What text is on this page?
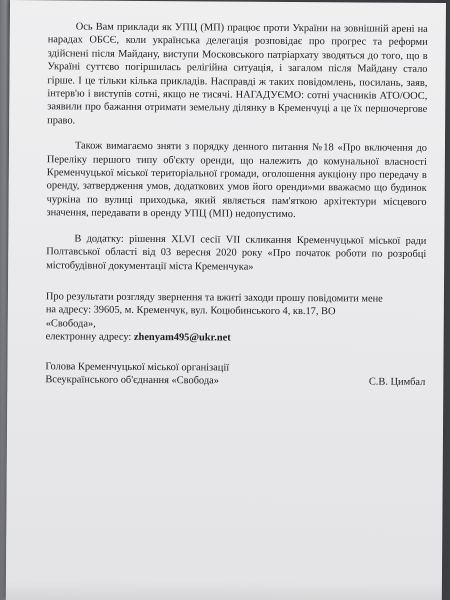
Ось Вам приклади як УПЦ (МП) працює проти України на зовнішній арені на нарадах ОБСЄ, коли українська делегація розповідає про прогрес та реформи здійснені після Майдану, виступи Московського патріархату зводяться до того, що в Україні суттєво погіршилась релігійна ситуація, і загалом після Майдану стало гірше. І це тільки кілька прикладів. Насправді ж таких повідомлень, посилань, заяв, інтерв'ю і виступів сотні, якщо не тисячі. НАГАДУЄМО: сотні учасників АТО/ООС, заявили про бажання отримати земельну ділянку в Кременчуці а це їх першочергове право.

Також вимагаємо зняти з порядку денного питання №18 «Про включення до Переліку першого типу об'єкту оренди, що належить до комунальної власності Кременчуцької міської територіальної громади, оголошення аукціону про передачу в оренду, затвердження умов, додаткових умов його оренди»ми вважаємо що будинок чуркіна по вулиці приходька, який являється пам'яткою архітектури місцевого значення, передавати в оренду УПЦ (МП) недопустимо.

В додатку: рішення XLVI сесії VII скликання Кременчуцької міської ради Полтавської області від 03 вересня 2020 року «Про початок роботи по розробці містобудівної документації міста Кременчука»

Про результати розгляду звернення та вжиті заходи прошу повідомити мене
на адресу: 39605, м. Кременчук, вул. Коцюбинського 4, кв.17, ВО
«Свобода»,
електронну адресу: zhenyam495@ukr.net
Голова Кременчуцької міської організації
Всеукраїнського об'єднання «Свобода»	С.В. Цимбал
